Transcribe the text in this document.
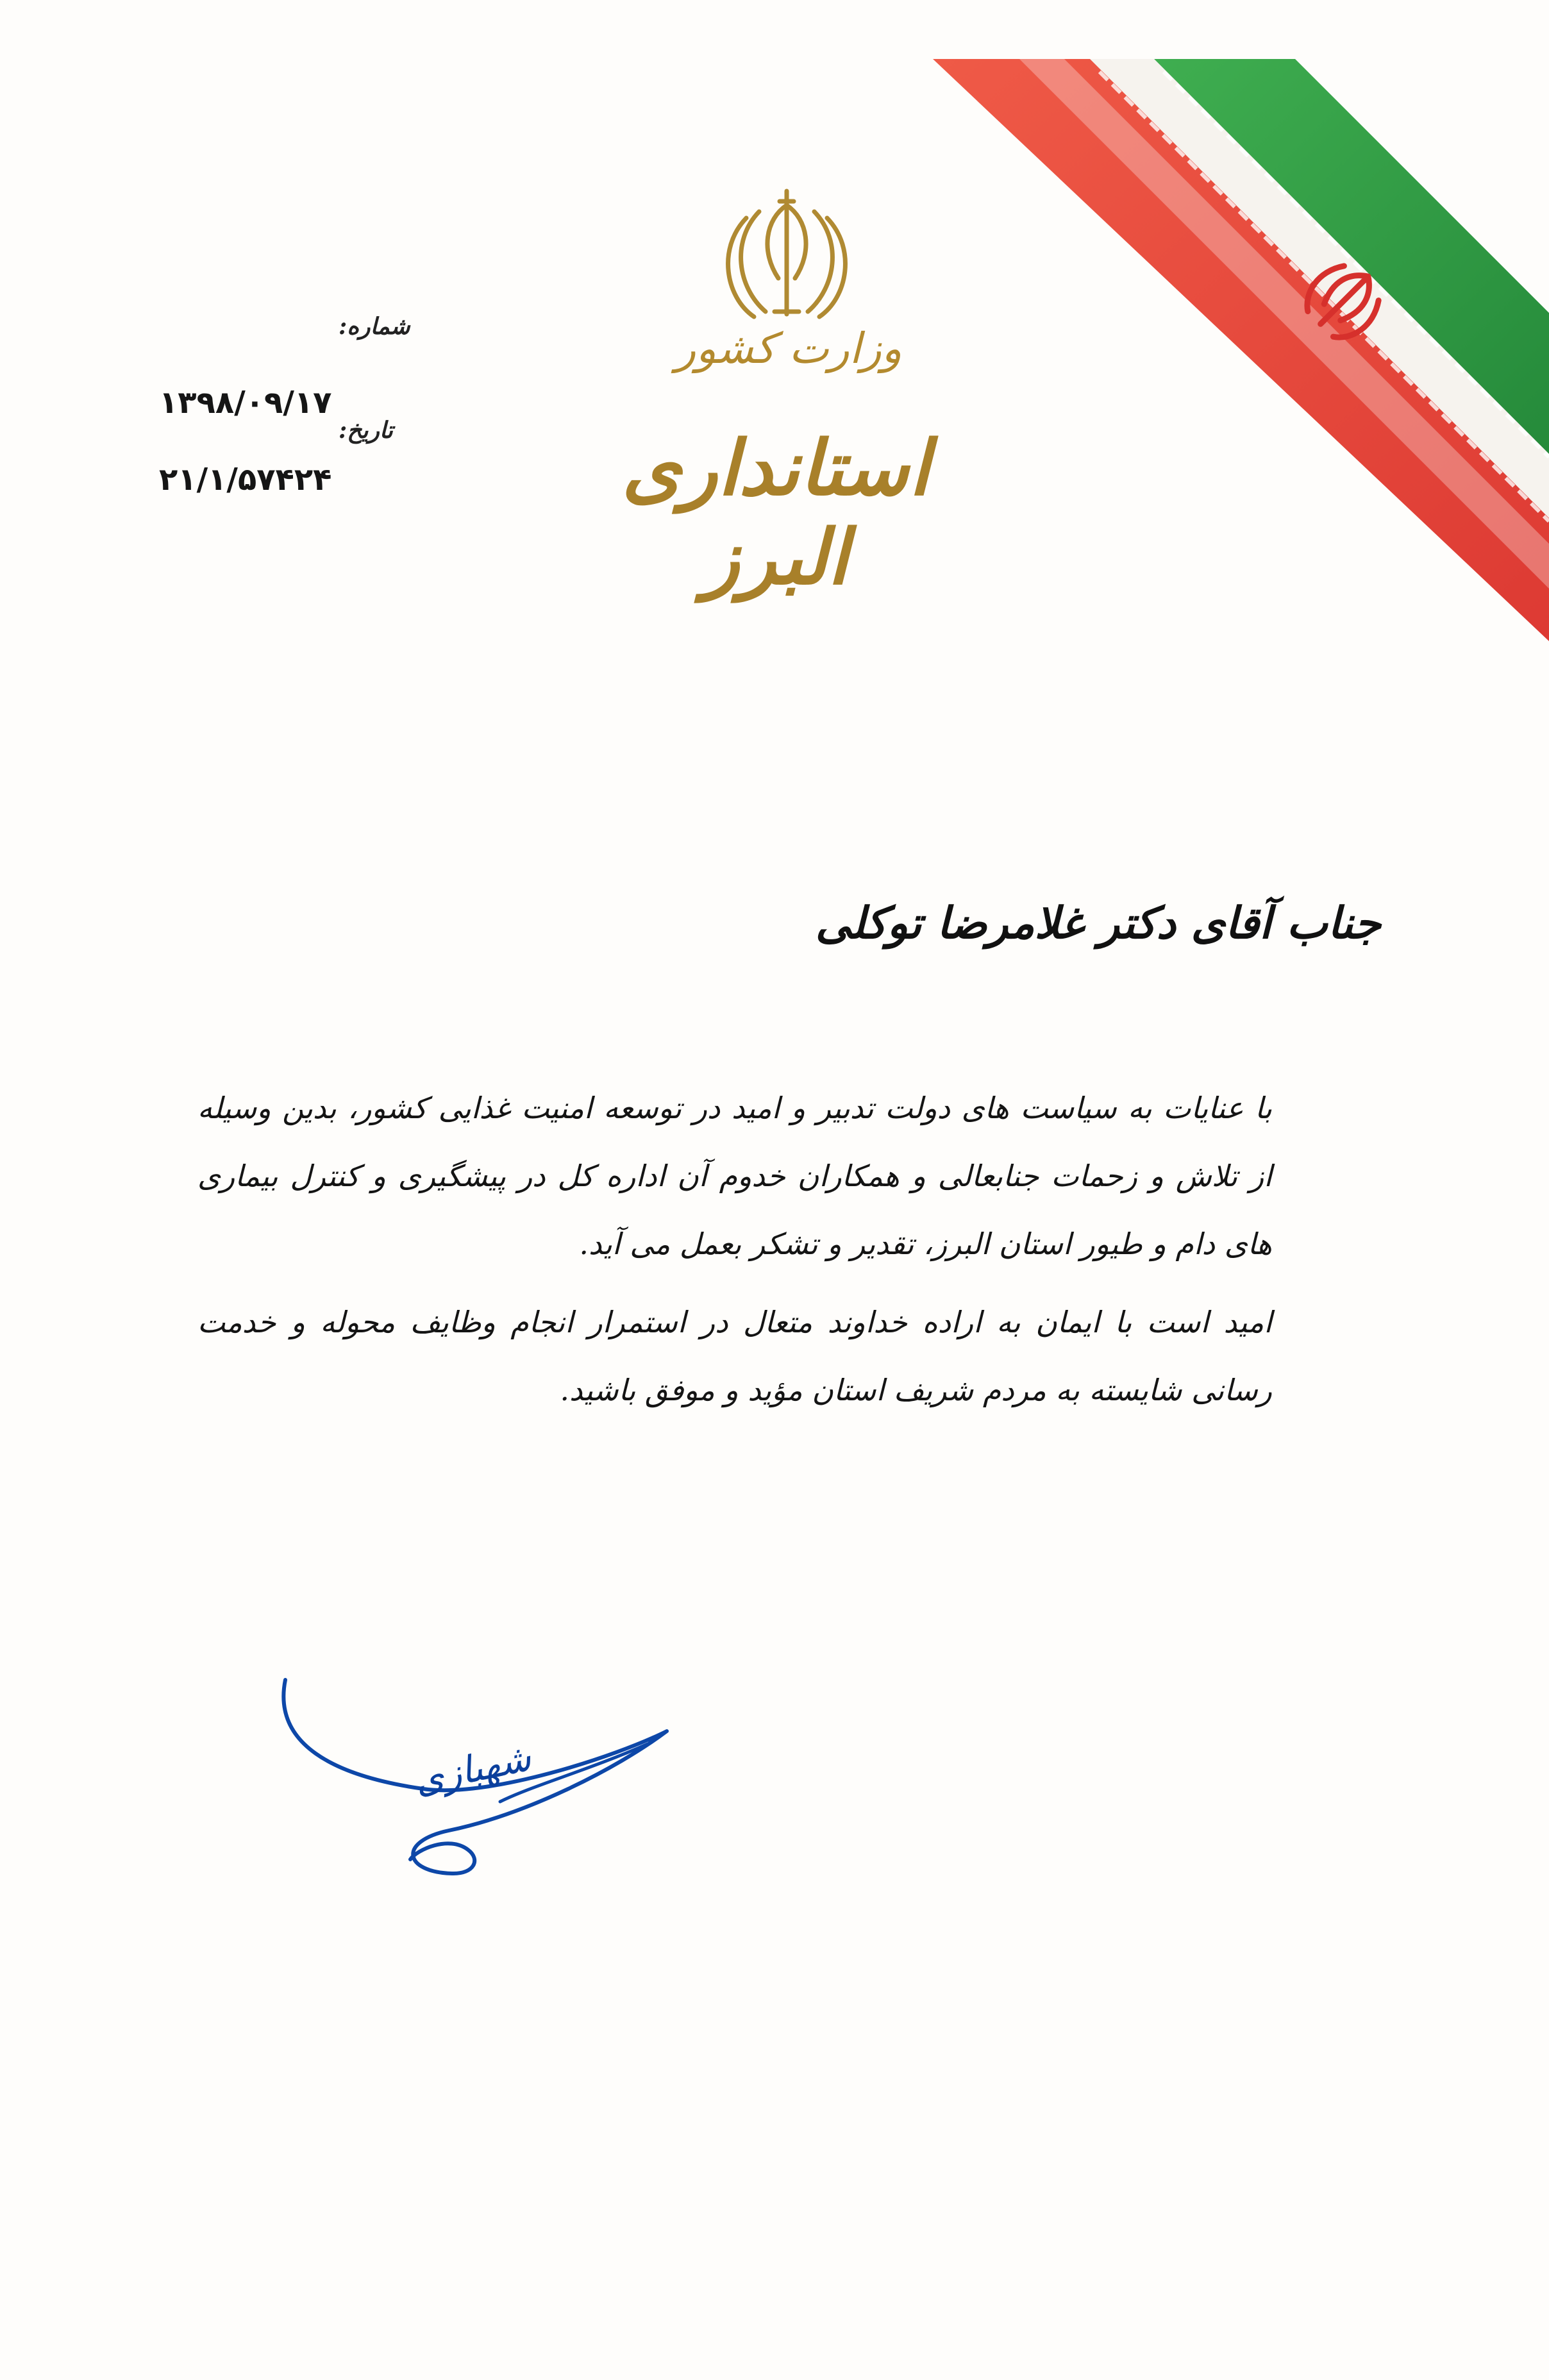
وزارت کشور
استانداری البرز
شماره:
تاریخ:
۱۳۹۸/۰۹/۱۷
۲۱/۱/۵۷۴۲۴
جناب آقای دکتر غلامرضا توکلی

با عنایات به سیاست های دولت تدبیر و امید در توسعه امنیت غذایی کشور، بدین وسیله از تلاش و زحمات جنابعالی و همکاران خدوم آن اداره کل در پیشگیری و کنترل بیماری های دام و طیور استان البرز، تقدیر و تشکر بعمل می آید.

امید است با ایمان به اراده خداوند متعال در استمرار انجام وظایف محوله و خدمت رسانی شایسته به مردم شریف استان مؤید و موفق باشید.

شهبازی
